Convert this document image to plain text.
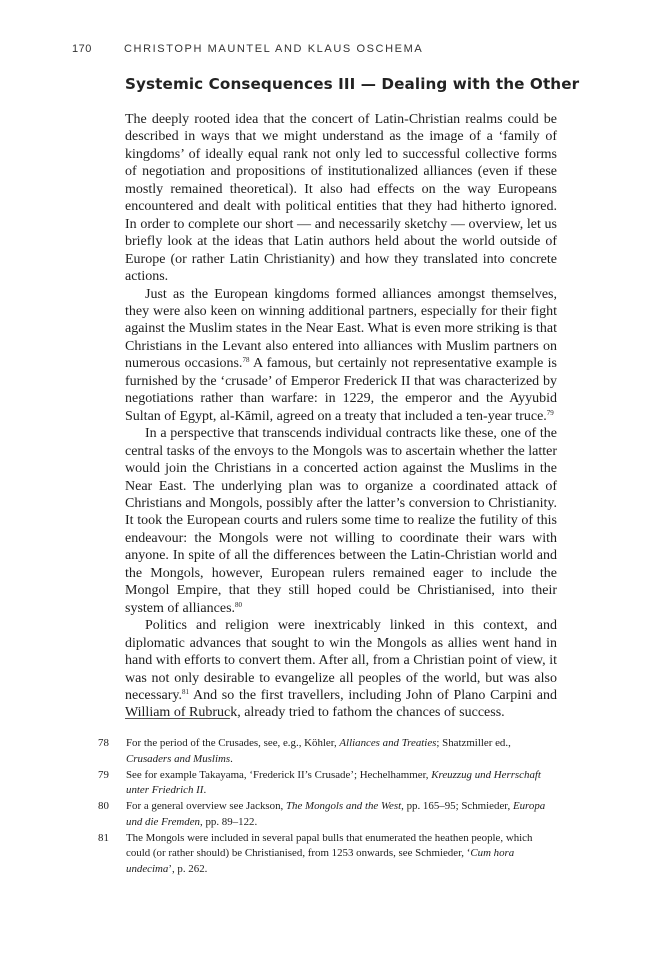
170	CHRISTOPH MAUNTEL AND KLAUS OSCHEMA
Systemic Consequences III — Dealing with the Other

The deeply rooted idea that the concert of Latin-Christian realms could be described in ways that we might understand as the image of a ‘family of kingdoms’ of ideally equal rank not only led to successful collective forms of negotiation and propositions of institutionalized alliances (even if these mostly remained theoretical). It also had effects on the way Europeans encountered and dealt with political entities that they had hitherto ignored. In order to complete our short — and necessarily sketchy — overview, let us briefly look at the ideas that Latin authors held about the world outside of Europe (or rather Latin Christianity) and how they translated into concrete actions.

Just as the European kingdoms formed alliances amongst themselves, they were also keen on winning additional partners, especially for their fight against the Muslim states in the Near East. What is even more striking is that Christians in the Levant also entered into alliances with Muslim partners on numerous occasions.$^{78}$ A famous, but certainly not representative example is furnished by the ‘crusade’ of Emperor Frederick II that was characterized by negotiations rather than warfare: in 1229, the emperor and the Ayyubid Sultan of Egypt, al-Kāmil, agreed on a treaty that included a ten-year truce.$^{79}$

In a perspective that transcends individual contracts like these, one of the central tasks of the envoys to the Mongols was to ascertain whether the latter would join the Christians in a concerted action against the Muslims in the Near East. The underlying plan was to organize a coordinated attack of Christians and Mongols, possibly after the latter’s conversion to Christianity. It took the European courts and rulers some time to realize the futility of this endeavour: the Mongols were not willing to coordinate their wars with anyone. In spite of all the differences between the Latin-Christian world and the Mongols, however, European rulers remained eager to include the Mongol Empire, that they still hoped could be Christianised, into their system of alliances.$^{80}$

Politics and religion were inextricably linked in this context, and diplomatic advances that sought to win the Mongols as allies went hand in hand with efforts to convert them. After all, from a Christian point of view, it was not only desirable to evangelize all peoples of the world, but was also necessary.$^{81}$ And so the first travellers, including John of Plano Carpini and William of Rubruck, already tried to fathom the chances of success.

78	For the period of the Crusades, see, e.g., Köhler, Alliances and Treaties; Shatzmiller ed., Crusaders and Muslims.
79	See for example Takayama, ‘Frederick II’s Crusade’; Hechelhammer, Kreuzzug und Herrschaft unter Friedrich II.
80	For a general overview see Jackson, The Mongols and the West, pp. 165–95; Schmieder, Europa und die Fremden, pp. 89–122.
81	The Mongols were included in several papal bulls that enumerated the heathen people, which could (or rather should) be Christianised, from 1253 onwards, see Schmieder, ‘Cum hora undecima’, p. 262.
